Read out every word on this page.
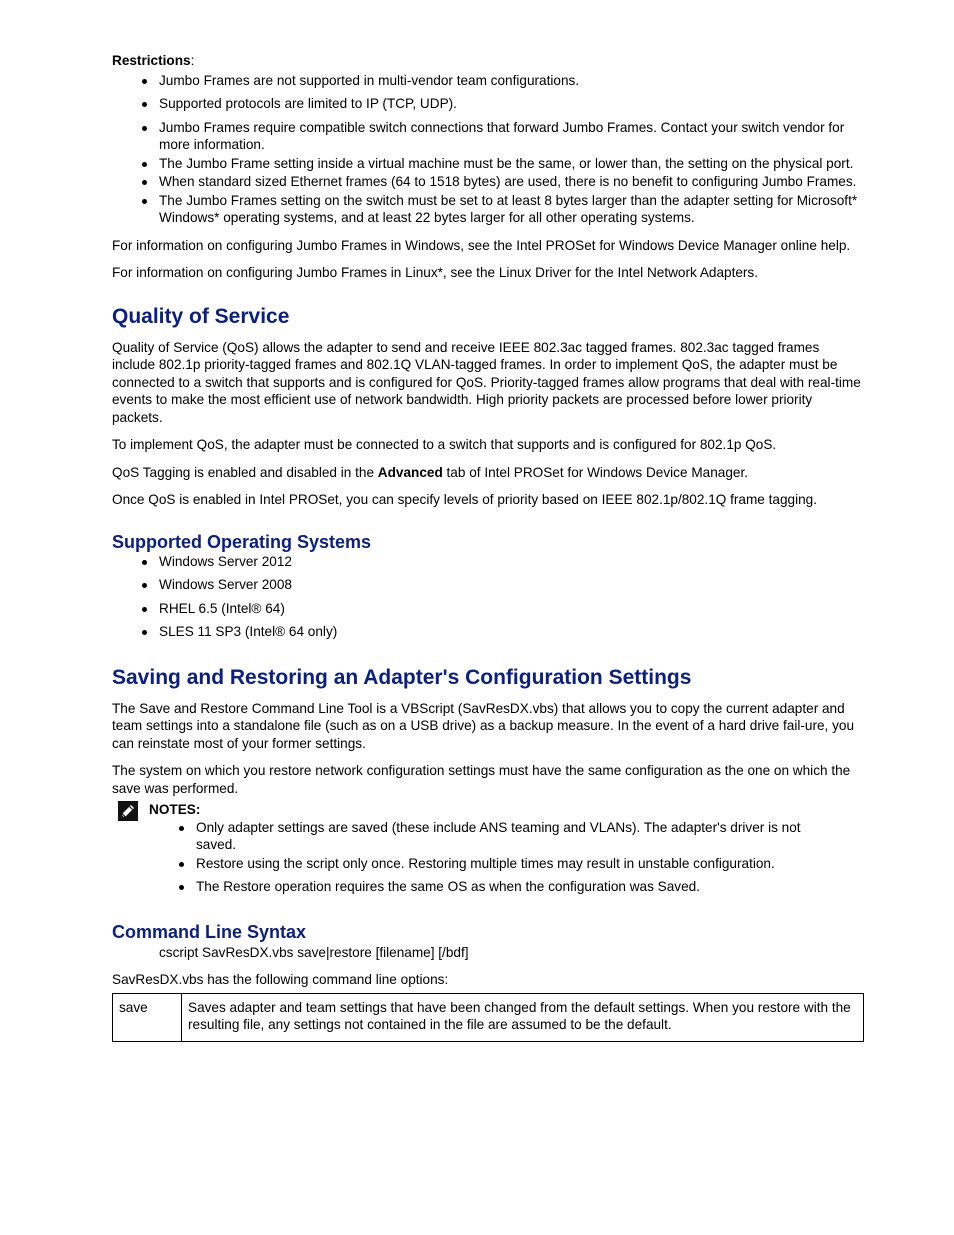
Restrictions:

Jumbo Frames are not supported in multi-vendor team configurations.
Supported protocols are limited to IP (TCP, UDP).
Jumbo Frames require compatible switch connections that forward Jumbo Frames. Contact your switch vendor for more information.
The Jumbo Frame setting inside a virtual machine must be the same, or lower than, the setting on the physical port.
When standard sized Ethernet frames (64 to 1518 bytes) are used, there is no benefit to configuring Jumbo Frames.
The Jumbo Frames setting on the switch must be set to at least 8 bytes larger than the adapter setting for Microsoft* Windows* operating systems, and at least 22 bytes larger for all other operating systems.

For information on configuring Jumbo Frames in Windows, see the Intel PROSet for Windows Device Manager online help.

For information on configuring Jumbo Frames in Linux*, see the Linux Driver for the Intel Network Adapters.

Quality of Service

Quality of Service (QoS) allows the adapter to send and receive IEEE 802.3ac tagged frames. 802.3ac tagged frames include 802.1p priority-tagged frames and 802.1Q VLAN-tagged frames. In order to implement QoS, the adapter must be connected to a switch that supports and is configured for QoS. Priority-tagged frames allow programs that deal with real-time events to make the most efficient use of network bandwidth. High priority packets are processed before lower priority packets.

To implement QoS, the adapter must be connected to a switch that supports and is configured for 802.1p QoS.

QoS Tagging is enabled and disabled in the Advanced tab of Intel PROSet for Windows Device Manager.

Once QoS is enabled in Intel PROSet, you can specify levels of priority based on IEEE 802.1p/802.1Q frame tagging.

Supported Operating Systems
Windows Server 2012
Windows Server 2008
RHEL 6.5 (Intel® 64)
SLES 11 SP3 (Intel® 64 only)
Saving and Restoring an Adapter's Configuration Settings

The Save and Restore Command Line Tool is a VBScript (SavResDX.vbs) that allows you to copy the current adapter and team settings into a standalone file (such as on a USB drive) as a backup measure. In the event of a hard drive fail-ure, you can reinstate most of your former settings.

The system on which you restore network configuration settings must have the same configuration as the one on which the save was performed.

NOTES:

Only adapter settings are saved (these include ANS teaming and VLANs). The adapter's driver is not saved.
Restore using the script only once. Restoring multiple times may result in unstable configuration.
The Restore operation requires the same OS as when the configuration was Saved.
Command Line Syntax

cscript SavResDX.vbs save|restore [filename] [/bdf]

SavResDX.vbs has the following command line options:

save	Saves adapter and team settings that have been changed from the default settings. When you restore with the resulting file, any settings not contained in the file are assumed to be the default.
